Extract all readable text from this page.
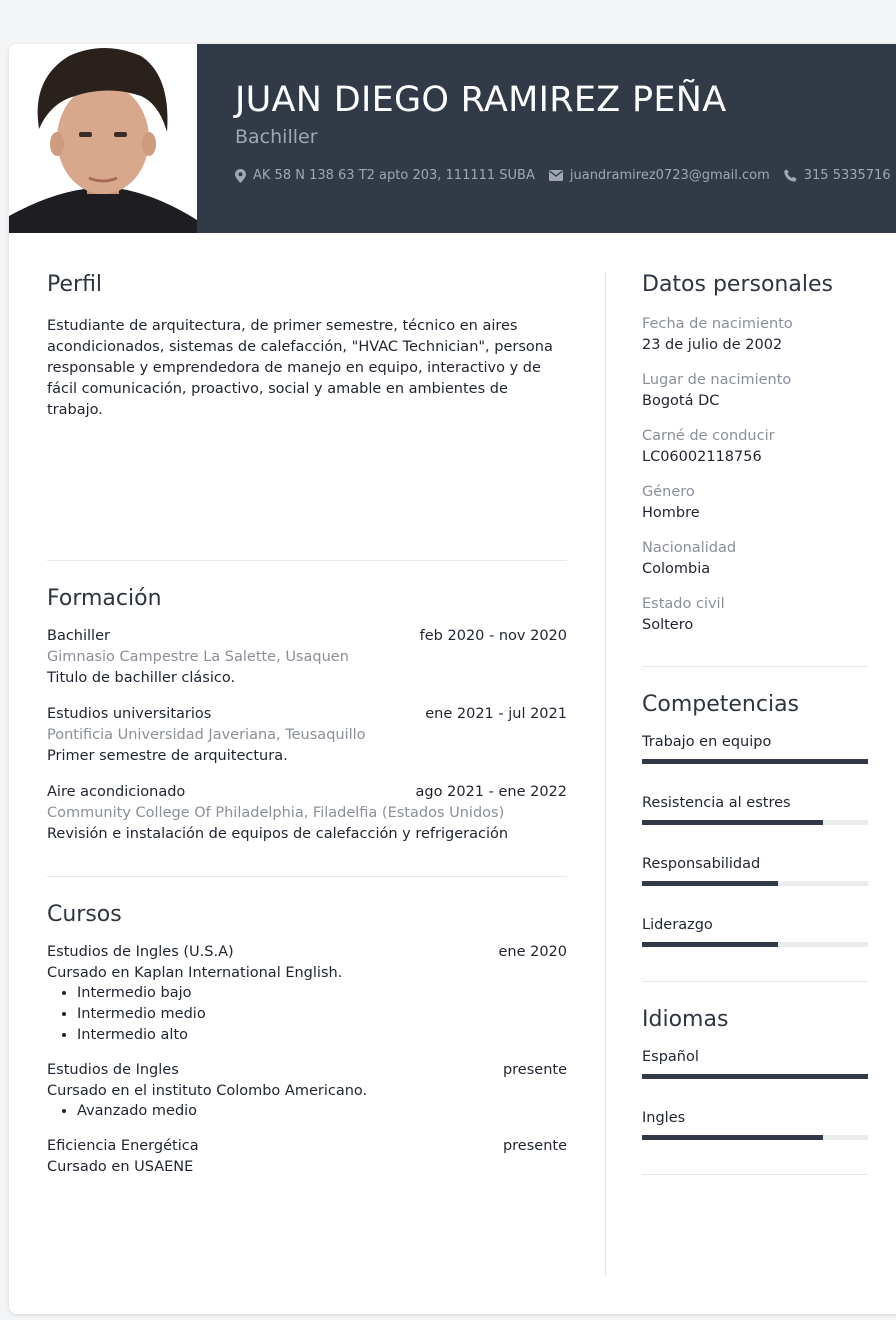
JUAN DIEGO RAMIREZ PEÑA
Bachiller
AK 58 N 138 63 T2 apto 203, 111111 SUBA	juandramirez0723@gmail.com	315 5335716
Perfil
Estudiante de arquitectura, de primer semestre, técnico en aires acondicionados, sistemas de calefacción, "HVAC Technician", persona responsable y emprendedora de manejo en equipo, interactivo y de fácil comunicación, proactivo, social y amable en ambientes de trabajo.
Formación
Bachiller	feb 2020 - nov 2020
Gimnasio Campestre La Salette, Usaquen
Titulo de bachiller clásico.
Estudios universitarios	ene 2021 - jul 2021
Pontificia Universidad Javeriana, Teusaquillo
Primer semestre de arquitectura.
Aire acondicionado	ago 2021 - ene 2022
Community College Of Philadelphia, Filadelfia (Estados Unidos)
Revisión e instalación de equipos de calefacción y refrigeración
Cursos
Estudios de Ingles (U.S.A)	ene 2020
Cursado en Kaplan International English.
• Intermedio bajo
• Intermedio medio
• Intermedio alto
Estudios de Ingles	presente
Cursado en el instituto Colombo Americano.
• Avanzado medio
Eficiencia Energética	presente
Cursado en USAENE
Datos personales
Fecha de nacimiento
23 de julio de 2002
Lugar de nacimiento
Bogotá DC
Carné de conducir
LC06002118756
Género
Hombre
Nacionalidad
Colombia
Estado civil
Soltero
Competencias
Trabajo en equipo
Resistencia al estres
Responsabilidad
Liderazgo
Idiomas
Español
Ingles
